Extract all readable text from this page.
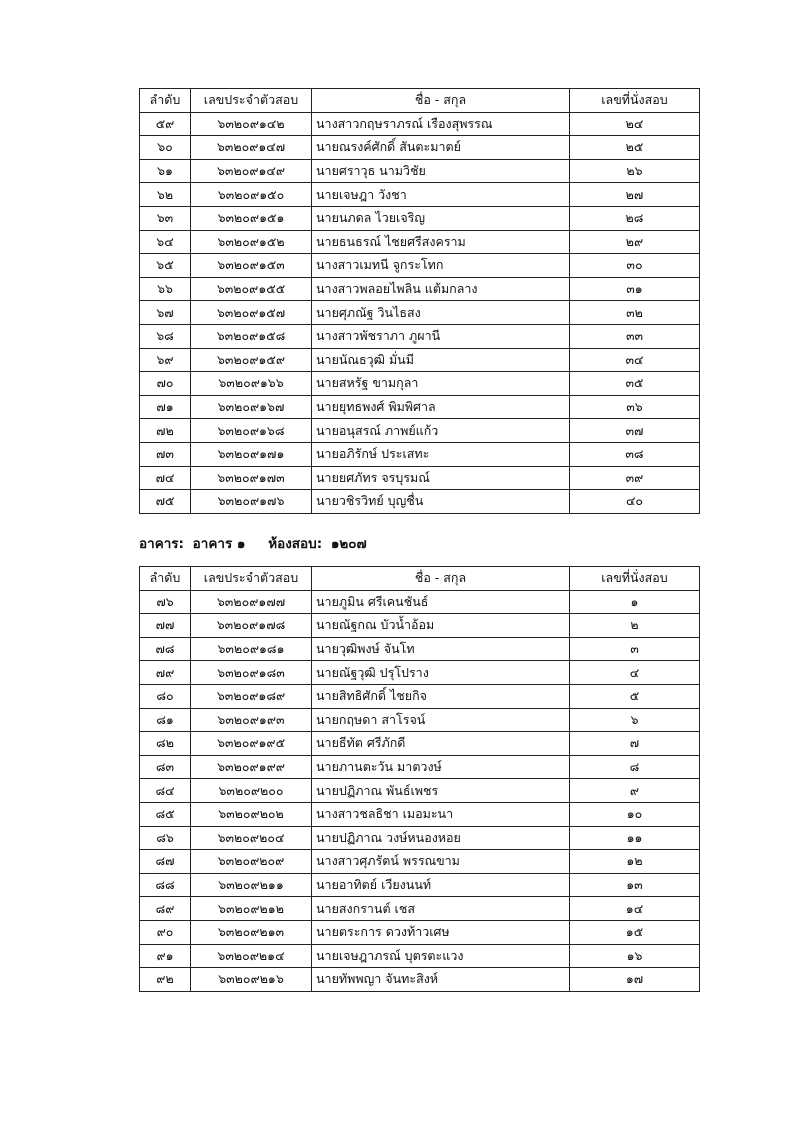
ลำดับ	เลขประจำตัวสอบ	ชื่อ - สกุล	เลขที่นั่งสอบ
๕๙	๖๓๒๐๙๑๔๒	นางสาวกฤษราภรณ์ เรืองสุพรรณ	๒๔
๖๐	๖๓๒๐๙๑๔๗	นายณรงค์ศักดิ์ สันตะมาตย์	๒๕
๖๑	๖๓๒๐๙๑๔๙	นายศราวุธ นามวิชัย	๒๖
๖๒	๖๓๒๐๙๑๕๐	นายเจษฎา วังชา	๒๗
๖๓	๖๓๒๐๙๑๕๑	นายนภดล ไวยเจริญ	๒๘
๖๔	๖๓๒๐๙๑๕๒	นายธนธรณ์ ไชยศรีสงคราม	๒๙
๖๕	๖๓๒๐๙๑๕๓	นางสาวเมทนี จูกระโทก	๓๐
๖๖	๖๓๒๐๙๑๕๕	นางสาวพลอยไพลิน แต้มกลาง	๓๑
๖๗	๖๓๒๐๙๑๕๗	นายศุภณัฐ วินไธสง	๓๒
๖๘	๖๓๒๐๙๑๕๘	นางสาวพัชราภา ภูผานี	๓๓
๖๙	๖๓๒๐๙๑๕๙	นายนัณธวุฒิ มั่นมี	๓๔
๗๐	๖๓๒๐๙๑๖๖	นายสหรัฐ ขามกุลา	๓๕
๗๑	๖๓๒๐๙๑๖๗	นายยุทธพงศ์ พิมพิศาล	๓๖
๗๒	๖๓๒๐๙๑๖๘	นายอนุสรณ์ ภาพย์แก้ว	๓๗
๗๓	๖๓๒๐๙๑๗๑	นายอภิรักษ์ ประเสทะ	๓๘
๗๔	๖๓๒๐๙๑๗๓	นายยศภัทร จรบุรมณ์	๓๙
๗๕	๖๓๒๐๙๑๗๖	นายวชิรวิทย์ บุญชื่น	๔๐
อาคาร: อาคาร ๑ ห้องสอบ: ๑๒๐๗
ลำดับ	เลขประจำตัวสอบ	ชื่อ - สกุล	เลขที่นั่งสอบ
๗๖	๖๓๒๐๙๑๗๗	นายภูมิน ศรีเคนชันธ์	๑
๗๗	๖๓๒๐๙๑๗๘	นายณัฐกณ บัวน้ำอ้อม	๒
๗๘	๖๓๒๐๙๑๘๑	นายวุฒิพงษ์ จันโท	๓
๗๙	๖๓๒๐๙๑๘๓	นายณัฐวุฒิ ปรุโปราง	๔
๘๐	๖๓๒๐๙๑๘๙	นายสิทธิศักดิ์ ไชยกิจ	๕
๘๑	๖๓๒๐๙๑๙๓	นายกฤษดา สาโรจน์	๖
๘๒	๖๓๒๐๙๑๙๕	นายธีทัต ศรีภักดี	๗
๘๓	๖๓๒๐๙๑๙๙	นายภานตะวัน มาตวงษ์	๘
๘๔	๖๓๒๐๙๒๐๐	นายปฏิภาณ พันธ์เพชร	๙
๘๕	๖๓๒๐๙๒๐๒	นางสาวชลธิชา เมอมะนา	๑๐
๘๖	๖๓๒๐๙๒๐๔	นายปฏิภาณ วงษ์หนองหอย	๑๑
๘๗	๖๓๒๐๙๒๐๙	นางสาวศุภรัตน์ พรรณขาม	๑๒
๘๘	๖๓๒๐๙๒๑๑	นายอาทิตย์ เวียงนนท์	๑๓
๘๙	๖๓๒๐๙๒๑๒	นายสงกรานต์ เชส	๑๔
๙๐	๖๓๒๐๙๒๑๓	นายตระการ ดวงท้าวเศษ	๑๕
๙๑	๖๓๒๐๙๒๑๔	นายเจษฎาภรณ์ บุตรตะแวง	๑๖
๙๒	๖๓๒๐๙๒๑๖	นายทัพพญา จันทะสิงห์	๑๗
